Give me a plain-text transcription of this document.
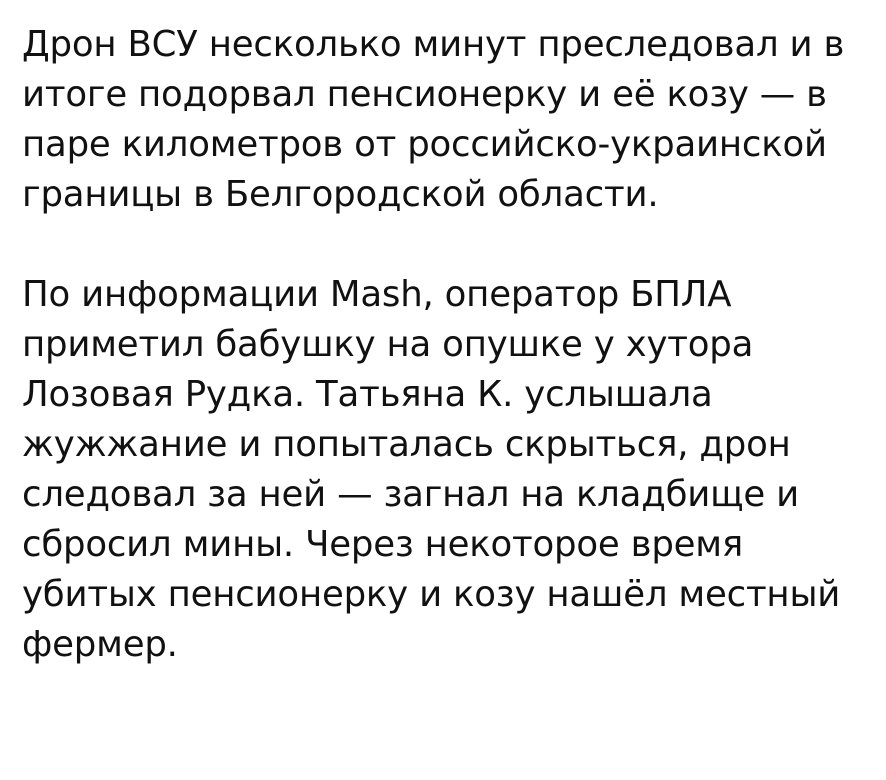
Дрон ВСУ несколько минут преследовал и в итоге подорвал пенсионерку и её козу — в паре километров от российско-украинской границы в Белгородской области.

По информации Mash, оператор БПЛА приметил бабушку на опушке у хутора Лозовая Рудка. Татьяна К. услышала жужжание и попыталась скрыться, дрон следовал за ней — загнал на кладбище и сбросил мины. Через некоторое время убитых пенсионерку и козу нашёл местный фермер.
